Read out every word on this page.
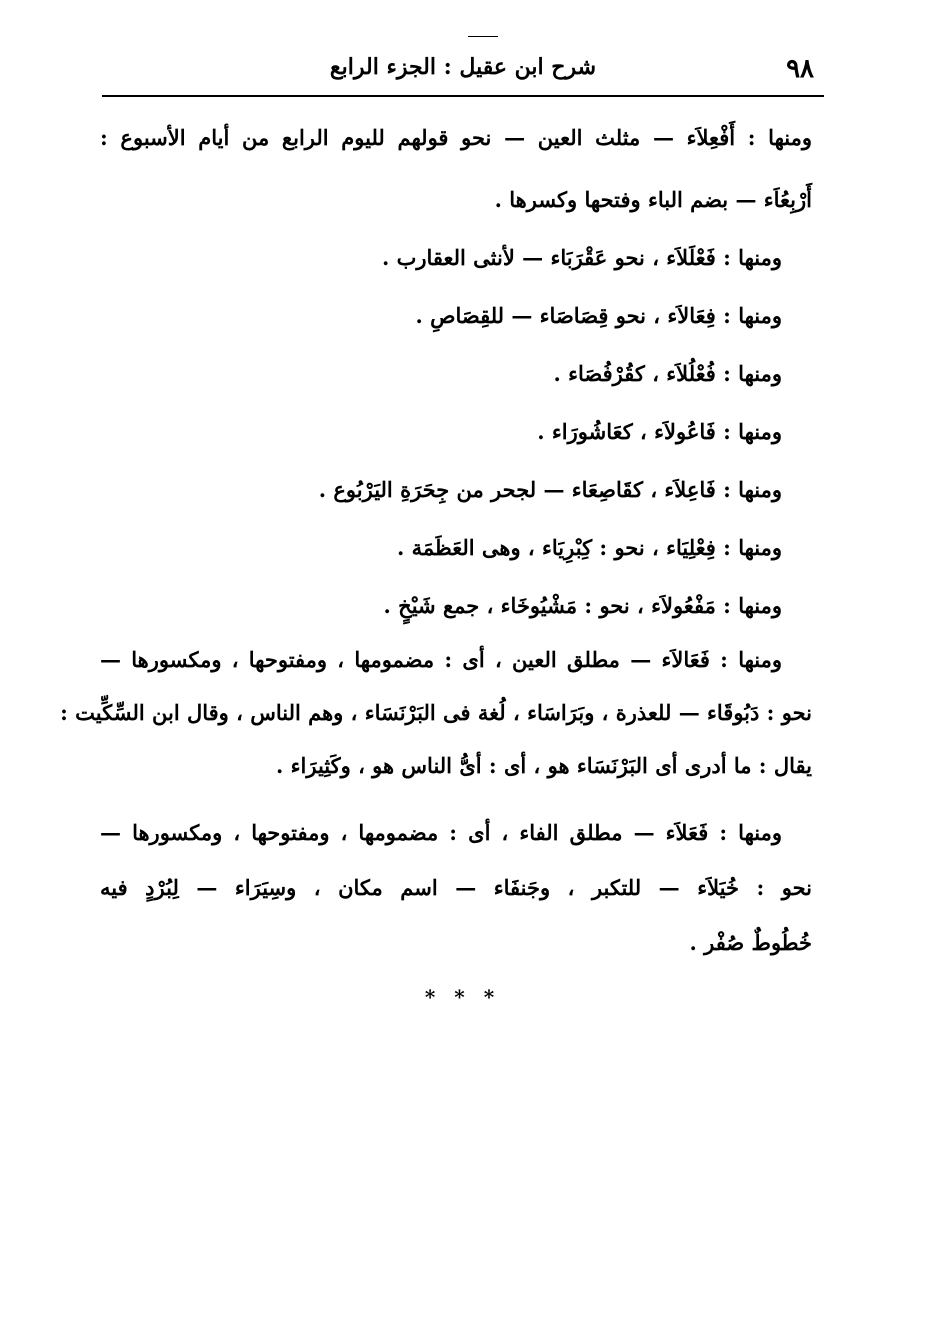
٩٨
شرح ابن عقيل : الجزء الرابع
ومنها : أَفْعِلاَء — مثلث العين — نحو قولهم لليوم الرابع من أيام الأسبوع :
أَرْبِعُاَء — بضم الباء وفتحها وكسرها .
ومنها : فَعْلَلاَء ، نحو عَقْرَبَاء — لأنثى العقارب .
ومنها : فِعَالاَء ، نحو قِصَاصَاء — للقِصَاصِ .
ومنها : فُعْلُلاَء ، كقُرْفُصَاء .
ومنها : فَاعُولاَء ، كعَاشُورَاء .
ومنها : فَاعِلاَء ، كقَاصِعَاء — لجحر من جِحَرَةِ اليَرْبُوع .
ومنها : فِعْلِيَاء ، نحو : كِبْرِيَاء ، وهى العَظَمَة .
ومنها : مَفْعُولاَء ، نحو : مَشْيُوخَاء ، جمع شَيْخٍ .
ومنها : فَعَالاَء — مطلق العين ، أى : مضمومها ، ومفتوحها ، ومكسورها —
نحو : دَبُوقَاء — للعذرة ، وبَرَاسَاء ، لُغة فى البَرْنَسَاء ، وهم الناس ، وقال ابن السِّكِّيت :
يقال : ما أدرى أى البَرْنَسَاء هو ، أى : أىُّ الناس هو ، وكَثِيرَاء .
ومنها : فَعَلاَء — مطلق الفاء ، أى : مضمومها ، ومفتوحها ، ومكسورها —
نحو : خُيَلاَء — للتكبر ، وجَنفَاء — اسم مكان ، وسِيَرَاء — لِبُرْدٍ فيه
خُطُوطٌ صُفْر .
* * *
